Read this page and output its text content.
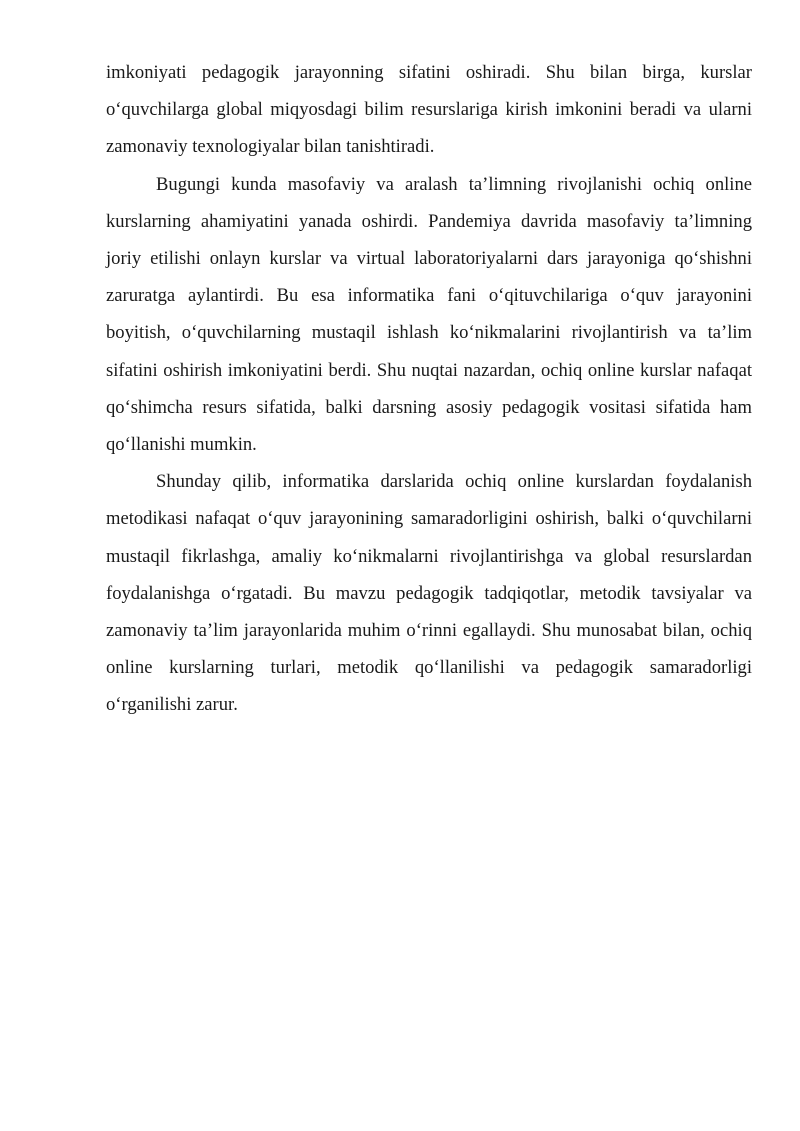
imkoniyati pedagogik jarayonning sifatini oshiradi. Shu bilan birga, kurslar o‘quvchilarga global miqyosdagi bilim resurslariga kirish imkonini beradi va ularni zamonaviy texnologiyalar bilan tanishtiradi.

Bugungi kunda masofaviy va aralash ta’limning rivojlanishi ochiq online kurslarning ahamiyatini yanada oshirdi. Pandemiya davrida masofaviy ta’limning joriy etilishi onlayn kurslar va virtual laboratoriyalarni dars jarayoniga qo‘shishni zaruratga aylantirdi. Bu esa informatika fani o‘qituvchilariga o‘quv jarayonini boyitish, o‘quvchilarning mustaqil ishlash ko‘nikmalarini rivojlantirish va ta’lim sifatini oshirish imkoniyatini berdi. Shu nuqtai nazardan, ochiq online kurslar nafaqat qo‘shimcha resurs sifatida, balki darsning asosiy pedagogik vositasi sifatida ham qo‘llanishi mumkin.

Shunday qilib, informatika darslarida ochiq online kurslardan foydalanish metodikasi nafaqat o‘quv jarayonining samaradorligini oshirish, balki o‘quvchilarni mustaqil fikrlashga, amaliy ko‘nikmalarni rivojlantirishga va global resurslardan foydalanishga o‘rgatadi. Bu mavzu pedagogik tadqiqotlar, metodik tavsiyalar va zamonaviy ta’lim jarayonlarida muhim o‘rinni egallaydi. Shu munosabat bilan, ochiq online kurslarning turlari, metodik qo‘llanilishi va pedagogik samaradorligi o‘rganilishi zarur.
